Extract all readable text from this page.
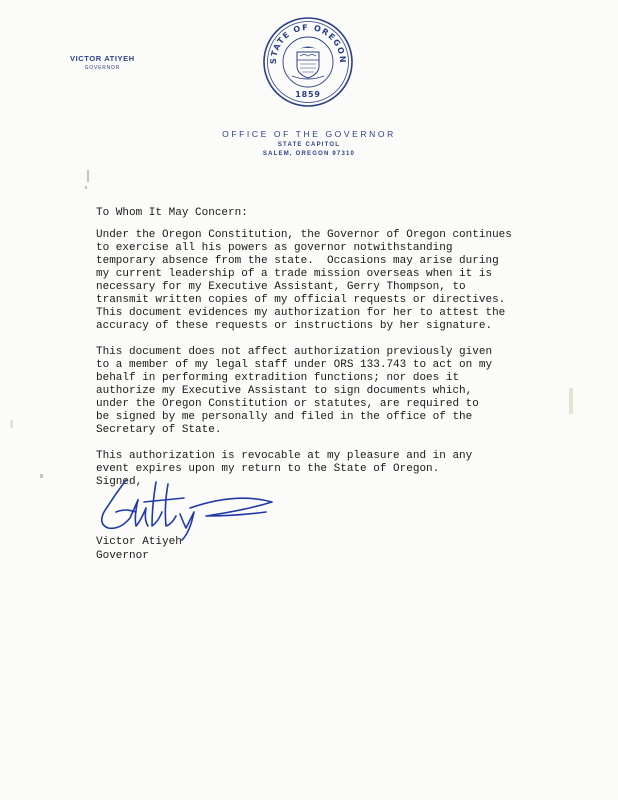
VICTOR ATIYEH
GOVERNOR
STATE OF OREGON
1859
OFFICE OF THE GOVERNOR
STATE CAPITOL
SALEM, OREGON 97310

To Whom It May Concern:

Under the Oregon Constitution, the Governor of Oregon continues
to exercise all his powers as governor notwithstanding
temporary absence from the state.  Occasions may arise during
my current leadership of a trade mission overseas when it is
necessary for my Executive Assistant, Gerry Thompson, to
transmit written copies of my official requests or directives.
This document evidences my authorization for her to attest the
accuracy of these requests or instructions by her signature.

This document does not affect authorization previously given
to a member of my legal staff under ORS 133.743 to act on my
behalf in performing extradition functions; nor does it
authorize my Executive Assistant to sign documents which,
under the Oregon Constitution or statutes, are required to
be signed by me personally and filed in the office of the
Secretary of State.

This authorization is revocable at my pleasure and in any
event expires upon my return to the State of Oregon.

Signed,
Victor Atiyeh
Governor
